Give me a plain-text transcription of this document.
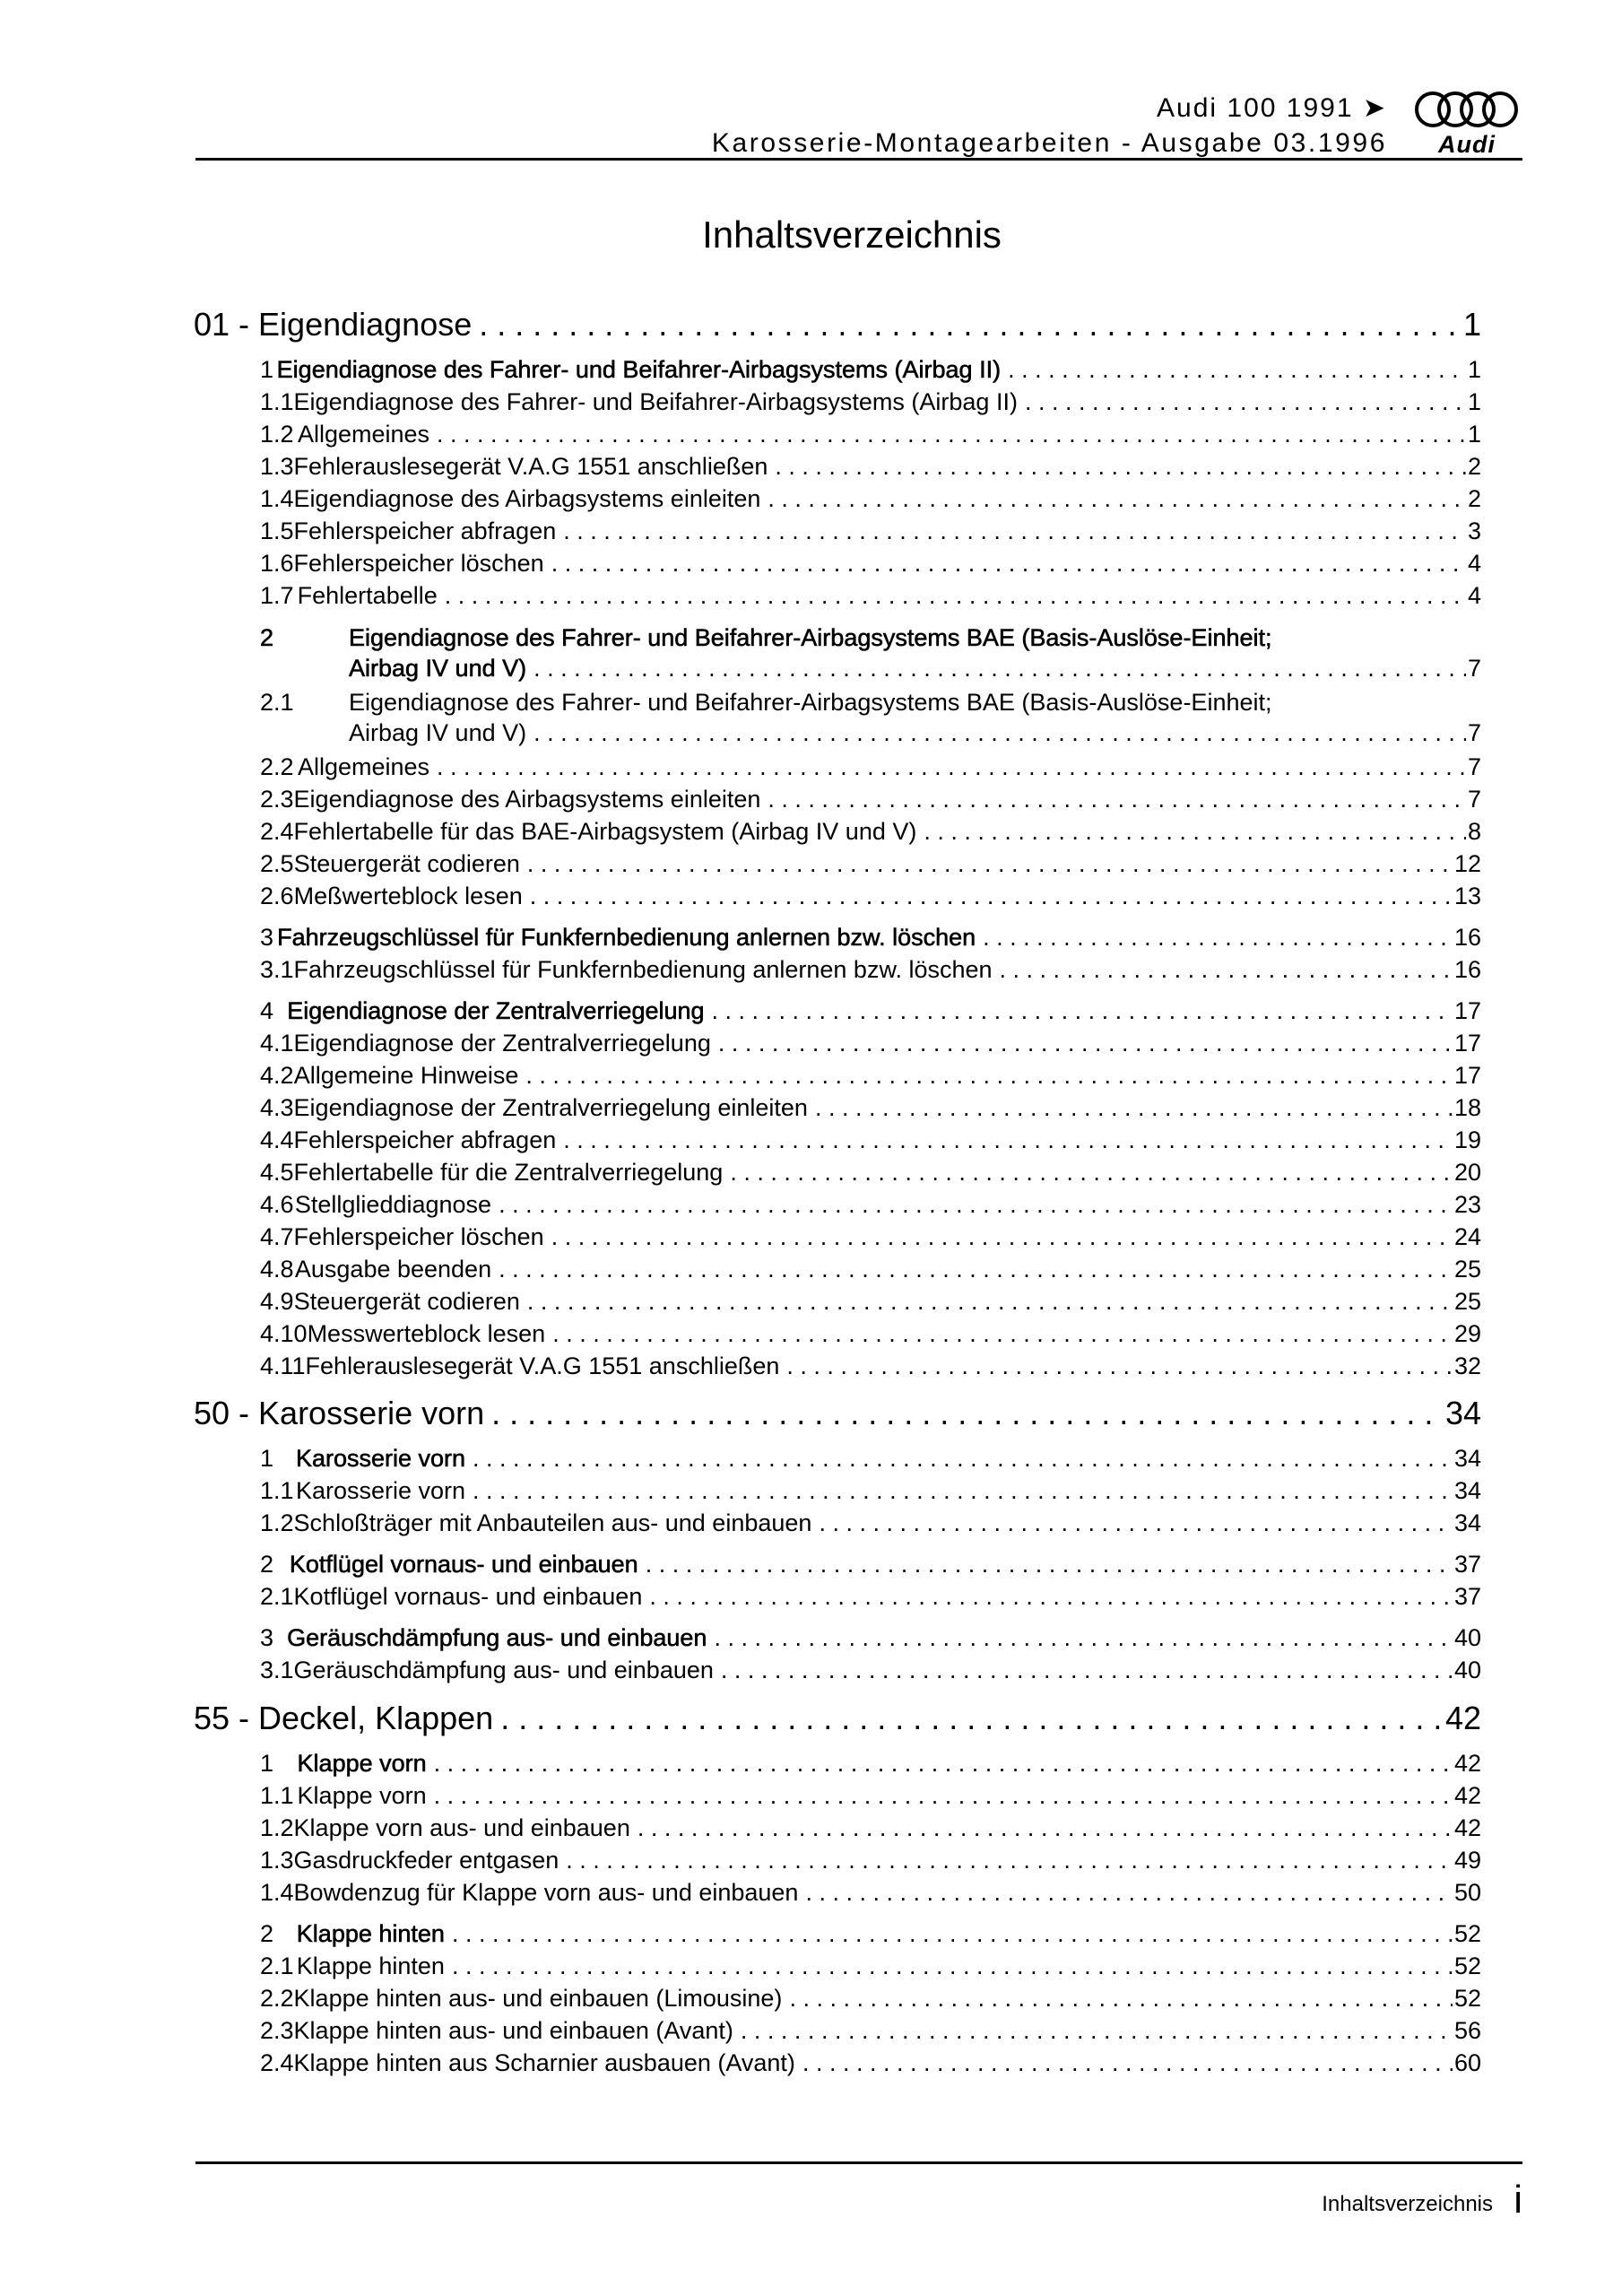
Audi 100 1991 ➤
Karosserie-Montagearbeiten - Ausgabe 03.1996	Audi
Inhaltsverzeichnis
01 - Eigendiagnose . . .	1
1 Eigendiagnose des Fahrer- und Beifahrer-Airbagsystems (Airbag II) . . .	1
1.1 Eigendiagnose des Fahrer- und Beifahrer-Airbagsystems (Airbag II) . . .	1
1.2 Allgemeines . . .	1
1.3 Fehlerauslesegerät V.A.G 1551 anschließen . . .	2
1.4 Eigendiagnose des Airbagsystems einleiten . . .	2
1.5 Fehlerspeicher abfragen . . .	3
1.6 Fehlerspeicher löschen . . .	4
1.7 Fehlertabelle . . .	4
2	Eigendiagnose des Fahrer- und Beifahrer-Airbagsystems BAE (Basis-Auslöse-Einheit;
Airbag IV und V) . . .	7
2.1	Eigendiagnose des Fahrer- und Beifahrer-Airbagsystems BAE (Basis-Auslöse-Einheit;
Airbag IV und V) . . .	7
2.2 Allgemeines . . .	7
2.3 Eigendiagnose des Airbagsystems einleiten . . .	7
2.4 Fehlertabelle für das BAE-Airbagsystem (Airbag IV und V) . . .	8
2.5 Steuergerät codieren . . .	12
2.6 Meßwerteblock lesen . . .	13
3 Fahrzeugschlüssel für Funkfernbedienung anlernen bzw. löschen . . .	16
3.1 Fahrzeugschlüssel für Funkfernbedienung anlernen bzw. löschen . . .	16
4 Eigendiagnose der Zentralverriegelung . . .	17
4.1 Eigendiagnose der Zentralverriegelung . . .	17
4.2 Allgemeine Hinweise . . .	17
4.3 Eigendiagnose der Zentralverriegelung einleiten . . .	18
4.4 Fehlerspeicher abfragen . . .	19
4.5 Fehlertabelle für die Zentralverriegelung . . .	20
4.6 Stellglieddiagnose . . .	23
4.7 Fehlerspeicher löschen . . .	24
4.8 Ausgabe beenden . . .	25
4.9 Steuergerät codieren . . .	25
4.10 Messwerteblock lesen . . .	29
4.11 Fehlerauslesegerät V.A.G 1551 anschließen . . .	32
50 - Karosserie vorn . . .	34
1 Karosserie vorn . . .	34
1.1 Karosserie vorn . . .	34
1.2 Schloßträger mit Anbauteilen aus- und einbauen . . .	34
2 Kotflügel vornaus- und einbauen . . .	37
2.1 Kotflügel vornaus- und einbauen . . .	37
3 Geräuschdämpfung aus- und einbauen . . .	40
3.1 Geräuschdämpfung aus- und einbauen . . .	40
55 - Deckel, Klappen . . .	42
1 Klappe vorn . . .	42
1.1 Klappe vorn . . .	42
1.2 Klappe vorn aus- und einbauen . . .	42
1.3 Gasdruckfeder entgasen . . .	49
1.4 Bowdenzug für Klappe vorn aus- und einbauen . . .	50
2 Klappe hinten . . .	52
2.1 Klappe hinten . . .	52
2.2 Klappe hinten aus- und einbauen (Limousine) . . .	52
2.3 Klappe hinten aus- und einbauen (Avant) . . .	56
2.4 Klappe hinten aus Scharnier ausbauen (Avant) . . .	60
Inhaltsverzeichnis i
